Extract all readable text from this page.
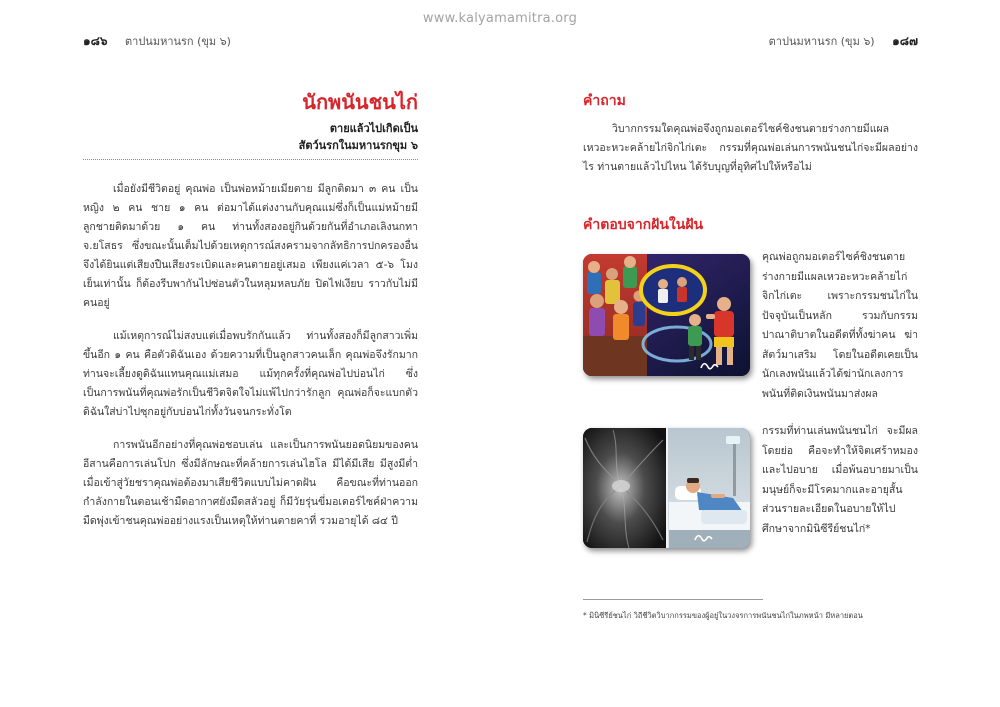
www.kalyamamitra.org
๑๘๖ ตาปนมหานรก (ขุม ๖)
นักพนันชนไก่
ตายแล้วไปเกิดเป็น
สัตว์นรกในมหานรกขุม ๖

เมื่อยังมีชีวิตอยู่ คุณพ่อ เป็นพ่อหม้ายเมียตาย มีลูกติดมา ๓ คน เป็นหญิง ๒ คน ชาย ๑ คน ต่อมาได้แต่งงานกับคุณแม่ซึ่งก็เป็นแม่หม้ายมีลูกชายติดมาด้วย ๑ คน ท่านทั้งสองอยู่กินด้วยกันที่อำเภอเลิงนกทา จ.ยโสธร ซึ่งขณะนั้นเต็มไปด้วยเหตุการณ์สงครามจากลัทธิการปกครองอื่น จึงได้ยินแต่เสียงปืนเสียงระเบิดและคนตายอยู่เสมอ เพียงแค่เวลา ๕-๖ โมงเย็นเท่านั้น ก็ต้องรีบพากันไปซ่อนตัวในหลุมหลบภัย ปิดไฟเงียบ ราวกับไม่มีคนอยู่

แม้เหตุการณ์ไม่สงบแต่เมื่อพบรักกันแล้ว ท่านทั้งสองก็มีลูกสาวเพิ่มขึ้นอีก ๑ คน คือตัวดิฉันเอง ด้วยความที่เป็นลูกสาวคนเล็ก คุณพ่อจึงรักมาก ท่านจะเลี้ยงดูดิฉันแทนคุณแม่เสมอ แม้ทุกครั้งที่คุณพ่อไปบ่อนไก่ ซึ่งเป็นการพนันที่คุณพ่อรักเป็นชีวิตจิตใจไม่แพ้ไปกว่ารักลูก คุณพ่อก็จะแบกตัวดิฉันใส่บ่าไปซุกอยู่กับบ่อนไก่ทั้งวันจนกระทั่งโต

การพนันอีกอย่างที่คุณพ่อชอบเล่น และเป็นการพนันยอดนิยมของคนอีสานคือการเล่นโปก ซึ่งมีลักษณะที่คล้ายการเล่นไฮโล มีได้มีเสีย มีสูงมีต่ำ เมื่อเข้าสู่วัยชราคุณพ่อต้องมาเสียชีวิตแบบไม่คาดฝัน คือขณะที่ท่านออกกำลังกายในตอนเช้ามืดอากาศยังมืดสลัวอยู่ ก็มีวัยรุ่นขี่มอเตอร์ไซค์ฝ่าความมืดพุ่งเข้าชนคุณพ่ออย่างแรงเป็นเหตุให้ท่านตายคาที่ รวมอายุได้ ๘๔ ปี

ตาปนมหานรก (ขุม ๖) ๑๘๗
คำถาม

วิบากกรรมใดคุณพ่อจึงถูกมอเตอร์ไซค์ชิงชนตายร่างกายมีแผลเหวอะหวะคล้ายไก่จิกไก่เตะ กรรมที่คุณพ่อเล่นการพนันชนไก่จะมีผลอย่างไร ท่านตายแล้วไปไหน ได้รับบุญที่อุทิศไปให้หรือไม่

คำตอบจากฝันในฝัน
คุณพ่อถูกมอเตอร์ไซค์ชิงชนตายร่างกายมีแผลเหวอะหวะคล้ายไก่จิกไก่เตะ เพราะกรรมชนไก่ในปัจจุบันเป็นหลัก รวมกับกรรมปาณาติบาตในอดีตที่ทั้งฆ่าคน ฆ่าสัตว์มาเสริม โดยในอดีตเคยเป็นนักเลงพนันแล้วได้ฆ่านักเลงการพนันที่ติดเงินพนันมาส่งผล
กรรมที่ท่านเล่นพนันชนไก่ จะมีผลโดยย่อ คือจะทำให้จิตเศร้าหมองและไปอบาย เมื่อพ้นอบายมาเป็นมนุษย์ก็จะมีโรคมากและอายุสั้นส่วนรายละเอียดในอบายให้ไปศึกษาจากมินิซีรีย์ชนไก่*
* มินิซีรีย์ชนไก่ วิถีชีวิตวิบากกรรมของผู้อยู่ในวงจรการพนันชนไก่ในภพหน้า มีหลายตอน
